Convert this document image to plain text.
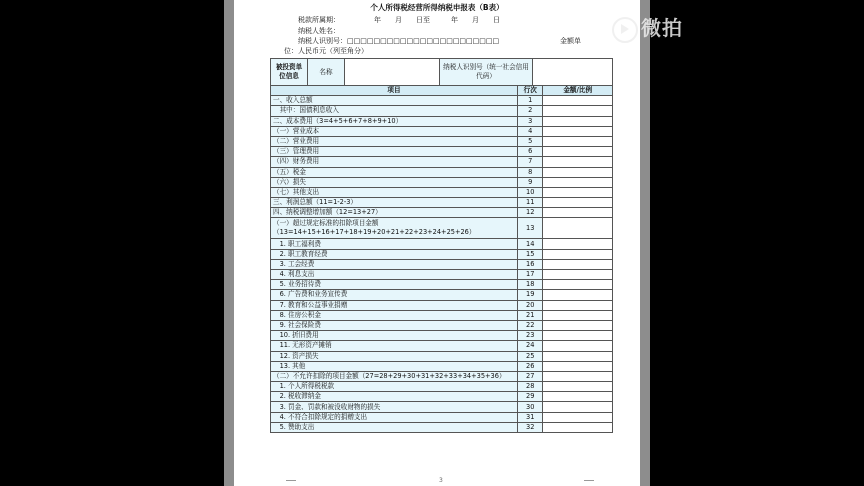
个人所得税经营所得纳税申报表（B表）
税款所属期：	年　　月　　日至　　　年　　月　　日
纳税人姓名：
纳税人识别号：□□□□□□□□□□□□□□□□□□□□□□□	金额单
位：人民币元（列至角分）
被投资单位信息	名称		纳税人识别号（统一社会信用代码）	

项目	行次	金额/比例
一、收入总额	1	
　其中：国债利息收入	2	
二、成本费用（3=4+5+6+7+8+9+10）	3	
（一）营业成本	4	
（二）营业费用	5	
（三）管理费用	6	
（四）财务费用	7	
（五）税金	8	
（六）损失	9	
（七）其他支出	10	
三、利润总额（11=1-2-3）	11	
四、纳税调整增加额（12=13+27）	12	
（一）超过规定标准的扣除项目金额（13=14+15+16+17+18+19+20+21+22+23+24+25+26）	13	
　1. 职工福利费	14	
　2. 职工教育经费	15	
　3. 工会经费	16	
　4. 利息支出	17	
　5. 业务招待费	18	
　6. 广告费和业务宣传费	19	
　7. 教育和公益事业捐赠	20	
　8. 住房公积金	21	
　9. 社会保险费	22	
　10. 折旧费用	23	
　11. 无形资产摊销	24	
　12. 资产损失	25	
　13. 其他	26	
（二）不允许扣除的项目金额（27=28+29+30+31+32+33+34+35+36）	27	
　1. 个人所得税税款	28	
　2. 税收滞纳金	29	
　3. 罚金、罚款和被没收财物的损失	30	
　4. 不符合扣除规定的捐赠支出	31	
　5. 赞助支出	32	
3
微拍
